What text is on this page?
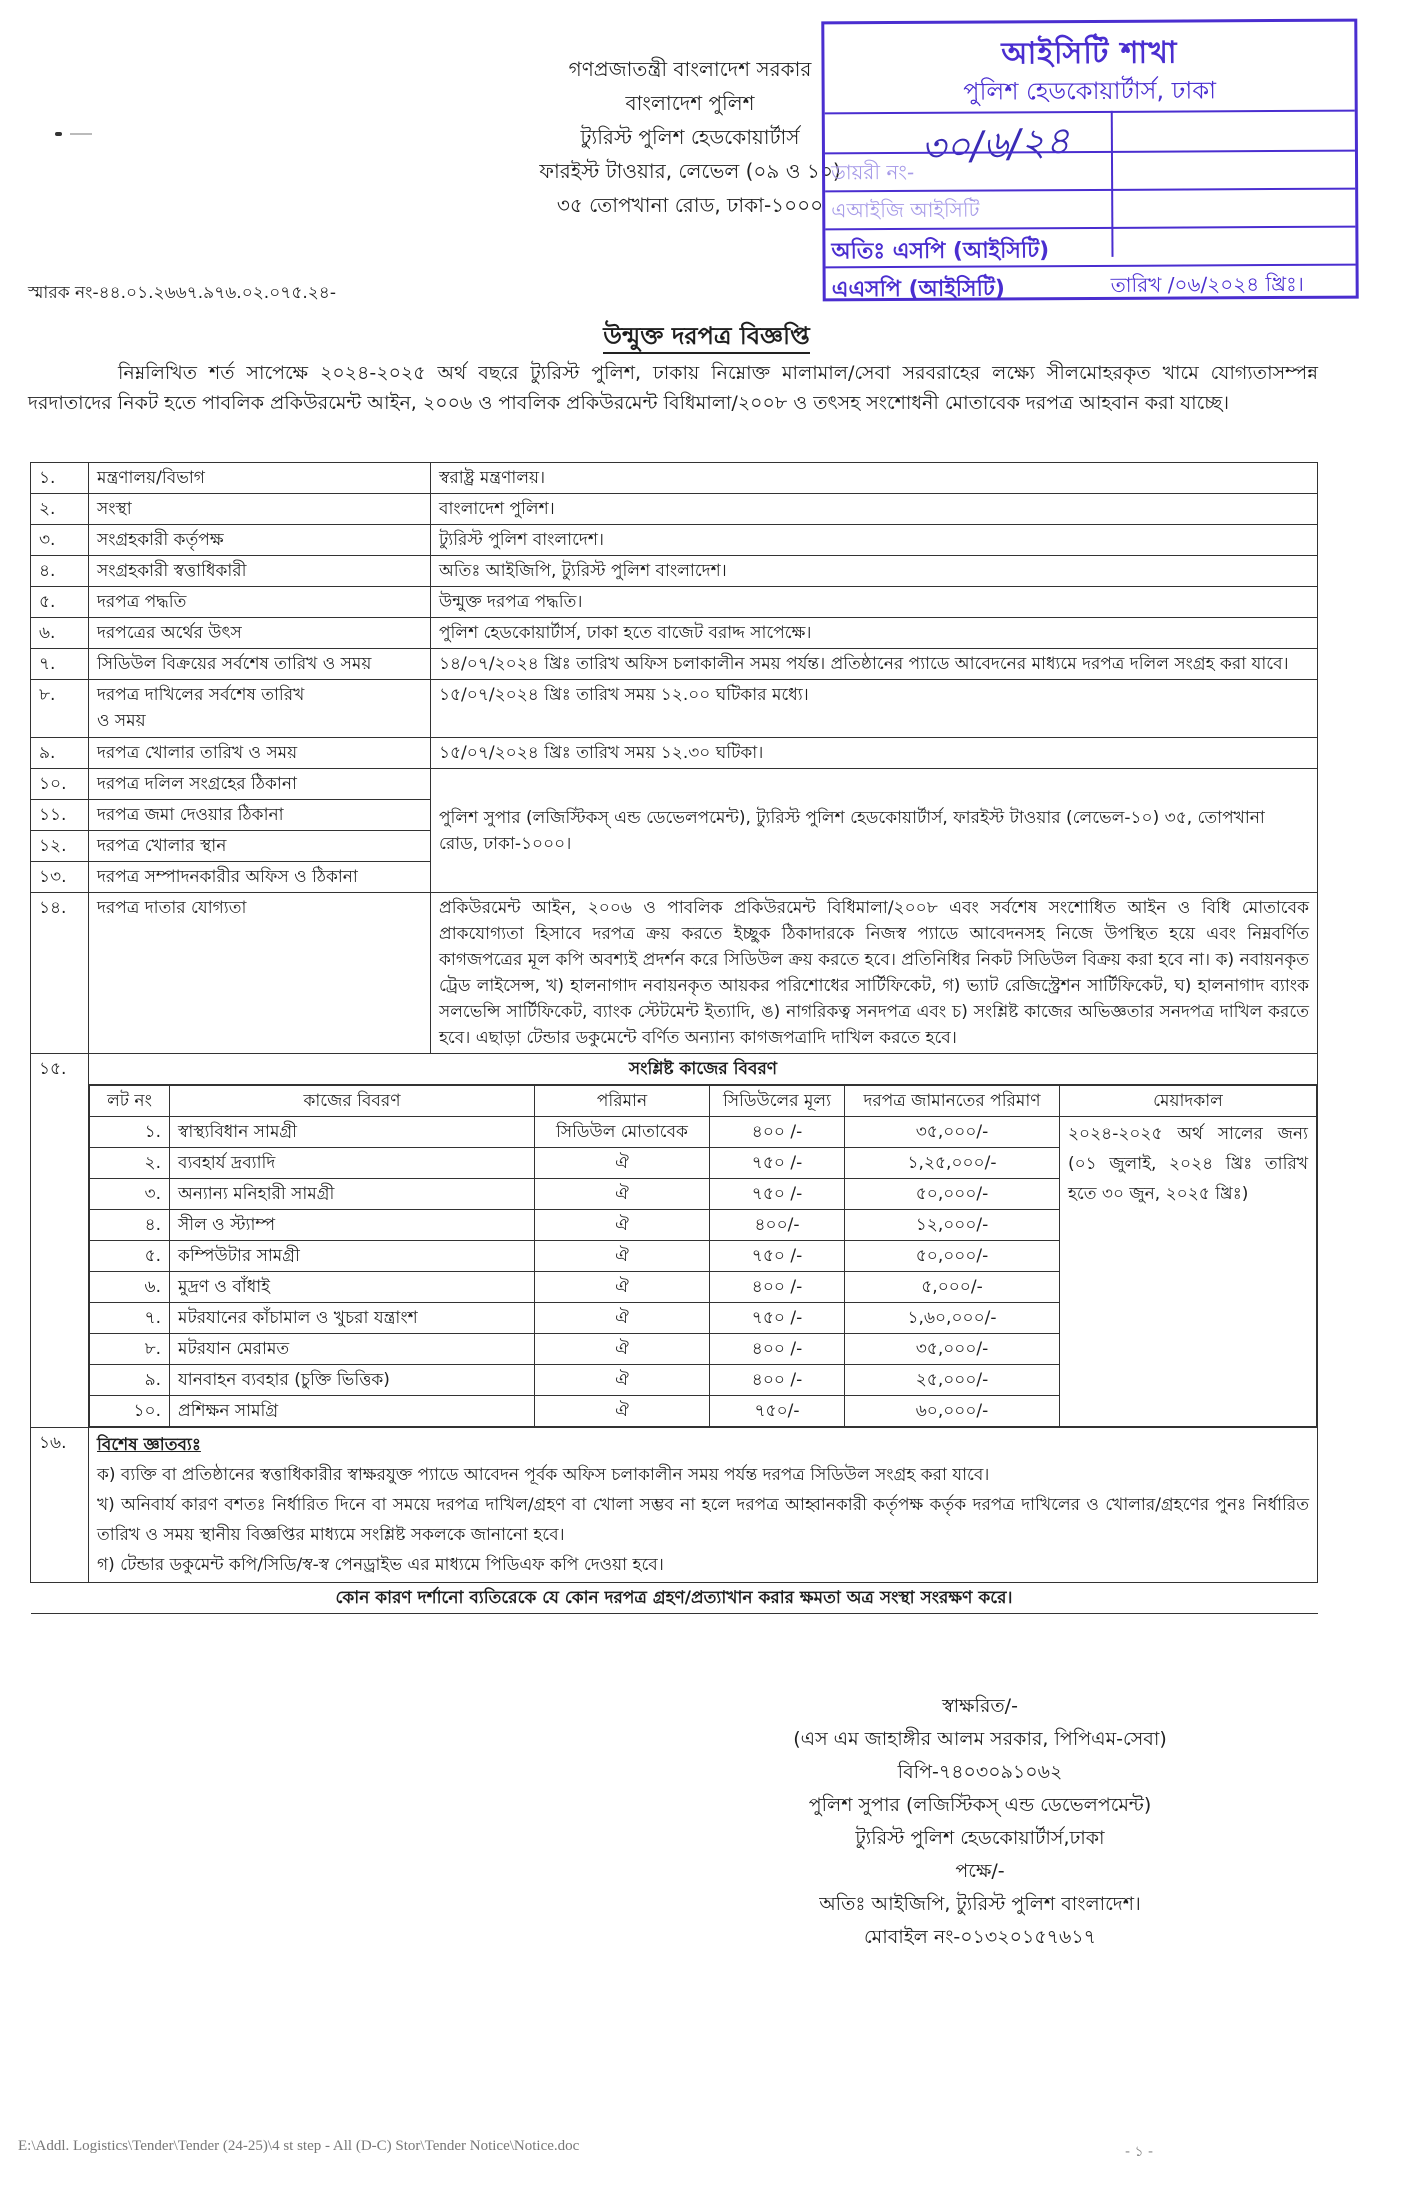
গণপ্রজাতন্ত্রী বাংলাদেশ সরকার
বাংলাদেশ পুলিশ
ট্যুরিস্ট পুলিশ হেডকোয়ার্টার্স
ফারইস্ট টাওয়ার, লেভেল (০৯ ও ১০)
৩৫ তোপখানা রোড, ঢাকা-১০০০
আইসিটি শাখা
পুলিশ হেডকোয়ার্টার্স, ঢাকা
৩০/৬/২৪
ডায়রী নং-
এআইজি আইসিটি
অতিঃ এসপি (আইসিটি)
এএসপি (আইসিটি)	তারিখ /০৬/২০২৪ খ্রিঃ।
স্মারক নং-৪৪.০১.২৬৬৭.৯৭৬.০২.০৭৫.২৪-
উন্মুক্ত দরপত্র বিজ্ঞপ্তি
নিম্নলিখিত শর্ত সাপেক্ষে ২০২৪-২০২৫ অর্থ বছরে ট্যুরিস্ট পুলিশ, ঢাকায় নিম্নোক্ত মালামাল/সেবা সরবরাহের লক্ষ্যে সীলমোহরকৃত খামে যোগ্যতাসম্পন্ন দরদাতাদের নিকট হতে পাবলিক প্রকিউরমেন্ট আইন, ২০০৬ ও পাবলিক প্রকিউরমেন্ট বিধিমালা/২০০৮ ও তৎসহ সংশোধনী মোতাবেক দরপত্র আহবান করা যাচ্ছে।
১.	মন্ত্রণালয়/বিভাগ	স্বরাষ্ট্র মন্ত্রণালয়।
২.	সংস্থা	বাংলাদেশ পুলিশ।
৩.	সংগ্রহকারী কর্তৃপক্ষ	ট্যুরিস্ট পুলিশ বাংলাদেশ।
৪.	সংগ্রহকারী স্বত্তাধিকারী	অতিঃ আইজিপি, ট্যুরিস্ট পুলিশ বাংলাদেশ।
৫.	দরপত্র পদ্ধতি	উন্মুক্ত দরপত্র পদ্ধতি।
৬.	দরপত্রের অর্থের উৎস	পুলিশ হেডকোয়ার্টার্স, ঢাকা হতে বাজেট বরাদ্দ সাপেক্ষে।
৭.	সিডিউল বিক্রয়ের সর্বশেষ তারিখ ও সময়	১৪/০৭/২০২৪ খ্রিঃ তারিখ অফিস চলাকালীন সময় পর্যন্ত। প্রতিষ্ঠানের প্যাডে আবেদনের মাধ্যমে দরপত্র দলিল সংগ্রহ করা যাবে।
৮.	দরপত্র দাখিলের সর্বশেষ তারিখ ও সময়	১৫/০৭/২০২৪ খ্রিঃ তারিখ সময় ১২.০০ ঘটিকার মধ্যে।
৯.	দরপত্র খোলার তারিখ ও সময়	১৫/০৭/২০২৪ খ্রিঃ তারিখ সময় ১২.৩০ ঘটিকা।
১০.	দরপত্র দলিল সংগ্রহের ঠিকানা	পুলিশ সুপার (লজিস্টিকস্ এন্ড ডেভেলপমেন্ট), ট্যুরিস্ট পুলিশ হেডকোয়ার্টার্স, ফারইস্ট টাওয়ার (লেভেল-১০) ৩৫, তোপখানা রোড, ঢাকা-১০০০।
১১.	দরপত্র জমা দেওয়ার ঠিকানা
১২.	দরপত্র খোলার স্থান
১৩.	দরপত্র সম্পাদনকারীর অফিস ও ঠিকানা
১৪.	দরপত্র দাতার যোগ্যতা	প্রকিউরমেন্ট আইন, ২০০৬ ও পাবলিক প্রকিউরমেন্ট বিধিমালা/২০০৮ এবং সর্বশেষ সংশোধিত আইন ও বিধি মোতাবেক প্রাকযোগ্যতা হিসাবে দরপত্র ক্রয় করতে ইচ্ছুক ঠিকাদারকে নিজস্ব প্যাডে আবেদনসহ নিজে উপস্থিত হয়ে এবং নিম্নবর্ণিত কাগজপত্রের মূল কপি অবশ্যই প্রদর্শন করে সিডিউল ক্রয় করতে হবে। প্রতিনিধির নিকট সিডিউল বিক্রয় করা হবে না। ক) নবায়নকৃত ট্রেড লাইসেন্স, খ) হালনাগাদ নবায়নকৃত আয়কর পরিশোধের সার্টিফিকেট, গ) ভ্যাট রেজিস্ট্রেশন সার্টিফিকেট, ঘ) হালনাগাদ ব্যাংক সলভেন্সি সার্টিফিকেট, ব্যাংক স্টেটমেন্ট ইত্যাদি, ঙ) নাগরিকত্ব সনদপত্র এবং চ) সংশ্লিষ্ট কাজের অভিজ্ঞতার সনদপত্র দাখিল করতে হবে। এছাড়া টেন্ডার ডকুমেন্টে বর্ণিত অন্যান্য কাগজপত্রাদি দাখিল করতে হবে।
১৫.	সংশ্লিষ্ট কাজের বিবরণ
লট নং	কাজের বিবরণ	পরিমান	সিডিউলের মূল্য	দরপত্র জামানতের পরিমাণ	মেয়াদকাল
১.	স্বাস্থ্যবিধান সামগ্রী	সিডিউল মোতাবেক	৪০০ /-	৩৫,০০০/-	২০২৪-২০২৫ অর্থ সালের জন্য (০১ জুলাই, ২০২৪ খ্রিঃ তারিখ হতে ৩০ জুন, ২০২৫ খ্রিঃ)
২.	ব্যবহার্য দ্রব্যাদি	ঐ	৭৫০ /-	১,২৫,০০০/-
৩.	অন্যান্য মনিহারী সামগ্রী	ঐ	৭৫০ /-	৫০,০০০/-
৪.	সীল ও স্ট্যাম্প	ঐ	৪০০/-	১২,০০০/-
৫.	কম্পিউটার সামগ্রী	ঐ	৭৫০ /-	৫০,০০০/-
৬.	মুদ্রণ ও বাঁধাই	ঐ	৪০০ /-	৫,০০০/-
৭.	মটরযানের কাঁচামাল ও খুচরা যন্ত্রাংশ	ঐ	৭৫০ /-	১,৬০,০০০/-
৮.	মটরযান মেরামত	ঐ	৪০০ /-	৩৫,০০০/-
৯.	যানবাহন ব্যবহার (চুক্তি ভিত্তিক)	ঐ	৪০০ /-	২৫,০০০/-
১০.	প্রশিক্ষন সামগ্রি	ঐ	৭৫০/-	৬০,০০০/-

১৬.	বিশেষ জ্ঞাতব্যঃ
ক) ব্যক্তি বা প্রতিষ্ঠানের স্বত্তাধিকারীর স্বাক্ষরযুক্ত প্যাডে আবেদন পূর্বক অফিস চলাকালীন সময় পর্যন্ত দরপত্র সিডিউল সংগ্রহ করা যাবে।
খ) অনিবার্য কারণ বশতঃ নির্ধারিত দিনে বা সময়ে দরপত্র দাখিল/গ্রহণ বা খোলা সম্ভব না হলে দরপত্র আহ্বানকারী কর্তৃপক্ষ কর্তৃক দরপত্র দাখিলের ও খোলার/গ্রহণের পুনঃ নির্ধারিত তারিখ ও সময় স্থানীয় বিজ্ঞপ্তির মাধ্যমে সংশ্লিষ্ট সকলকে জানানো হবে।
গ) টেন্ডার ডকুমেন্ট কপি/সিডি/স্ব-স্ব পেনড্রাইভ এর মাধ্যমে পিডিএফ কপি দেওয়া হবে।

কোন কারণ দর্শানো ব্যতিরেকে যে কোন দরপত্র গ্রহণ/প্রত্যাখান করার ক্ষমতা অত্র সংস্থা সংরক্ষণ করে।
স্বাক্ষরিত/-
(এস এম জাহাঙ্গীর আলম সরকার, পিপিএম-সেবা)
বিপি-৭৪০৩০৯১০৬২
পুলিশ সুপার (লজিস্টিকস্ এন্ড ডেভেলপমেন্ট)
ট্যুরিস্ট পুলিশ হেডকোয়ার্টার্স,ঢাকা
পক্ষে/-
অতিঃ আইজিপি, ট্যুরিস্ট পুলিশ বাংলাদেশ।
মোবাইল নং-০১৩২০১৫৭৬১৭
E:\Addl. Logistics\Tender\Tender (24-25)\4 st step - All (D-C) Stor\Tender Notice\Notice.doc	- ১ -
